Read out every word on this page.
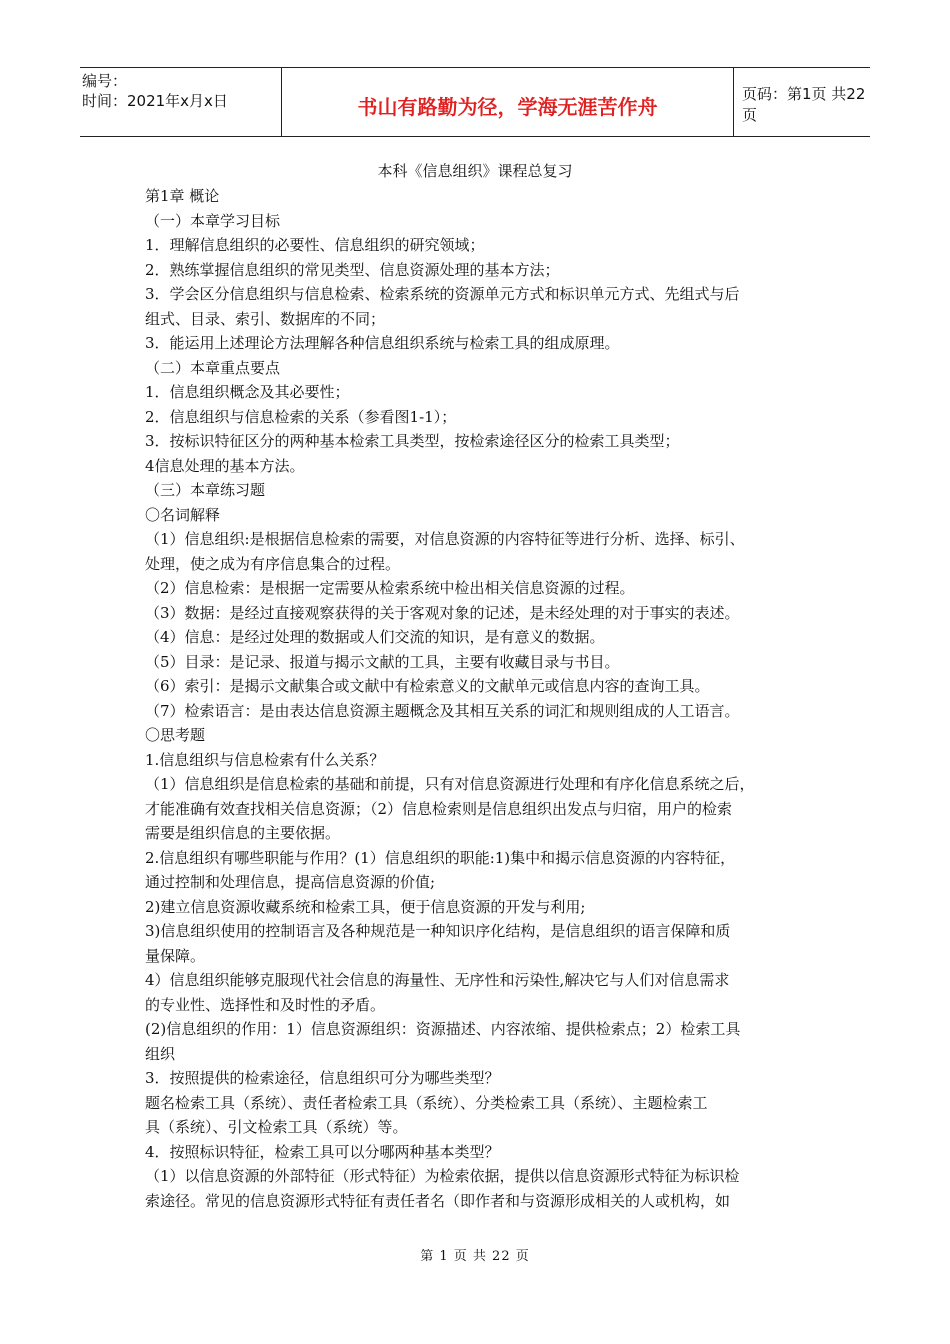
编号：
时间：2021年x月x日	书山有路勤为径，学海无涯苦作舟
页码：第1页 共22页
本科《信息组织》课程总复习

第1章 概论

（一）本章学习目标

1．理解信息组织的必要性、信息组织的研究领域；

2．熟练掌握信息组织的常见类型、信息资源处理的基本方法；

3．学会区分信息组织与信息检索、检索系统的资源单元方式和标识单元方式、先组式与后

组式、目录、索引、数据库的不同；

3．能运用上述理论方法理解各种信息组织系统与检索工具的组成原理。

（二）本章重点要点

1．信息组织概念及其必要性；

2．信息组织与信息检索的关系（参看图1-1）；

3．按标识特征区分的两种基本检索工具类型，按检索途径区分的检索工具类型；

4信息处理的基本方法。

（三）本章练习题

〇名词解释

（1）信息组织:是根据信息检索的需要，对信息资源的内容特征等进行分析、选择、标引、

处理，使之成为有序信息集合的过程。

（2）信息检索：是根据一定需要从检索系统中检出相关信息资源的过程。

（3）数据：是经过直接观察获得的关于客观对象的记述，是未经处理的对于事实的表述。

（4）信息：是经过处理的数据或人们交流的知识，是有意义的数据。

（5）目录：是记录、报道与揭示文献的工具，主要有收藏目录与书目。

（6）索引：是揭示文献集合或文献中有检索意义的文献单元或信息内容的查询工具。

（7）检索语言：是由表达信息资源主题概念及其相互关系的词汇和规则组成的人工语言。

〇思考题

1.信息组织与信息检索有什么关系？

（1）信息组织是信息检索的基础和前提，只有对信息资源进行处理和有序化信息系统之后，

才能准确有效查找相关信息资源；（2）信息检索则是信息组织出发点与归宿，用户的检索

需要是组织信息的主要依据。

2.信息组织有哪些职能与作用？(1）信息组织的职能:1)集中和揭示信息资源的内容特征，

通过控制和处理信息，提高信息资源的价值;

2)建立信息资源收藏系统和检索工具，便于信息资源的开发与利用;

3)信息组织使用的控制语言及各种规范是一种知识序化结构，是信息组织的语言保障和质

量保障。

4）信息组织能够克服现代社会信息的海量性、无序性和污染性,解决它与人们对信息需求

的专业性、选择性和及时性的矛盾。

(2)信息组织的作用：1）信息资源组织：资源描述、内容浓缩、提供检索点；2）检索工具

组织

3．按照提供的检索途径，信息组织可分为哪些类型？

题名检索工具（系统）、责任者检索工具（系统）、分类检索工具（系统）、主题检索工

具（系统）、引文检索工具（系统）等。

4．按照标识特征，检索工具可以分哪两种基本类型？

（1）以信息资源的外部特征（形式特征）为检索依据，提供以信息资源形式特征为标识检

索途径。常见的信息资源形式特征有责任者名（即作者和与资源形成相关的人或机构，如

第 1 页 共 22 页
